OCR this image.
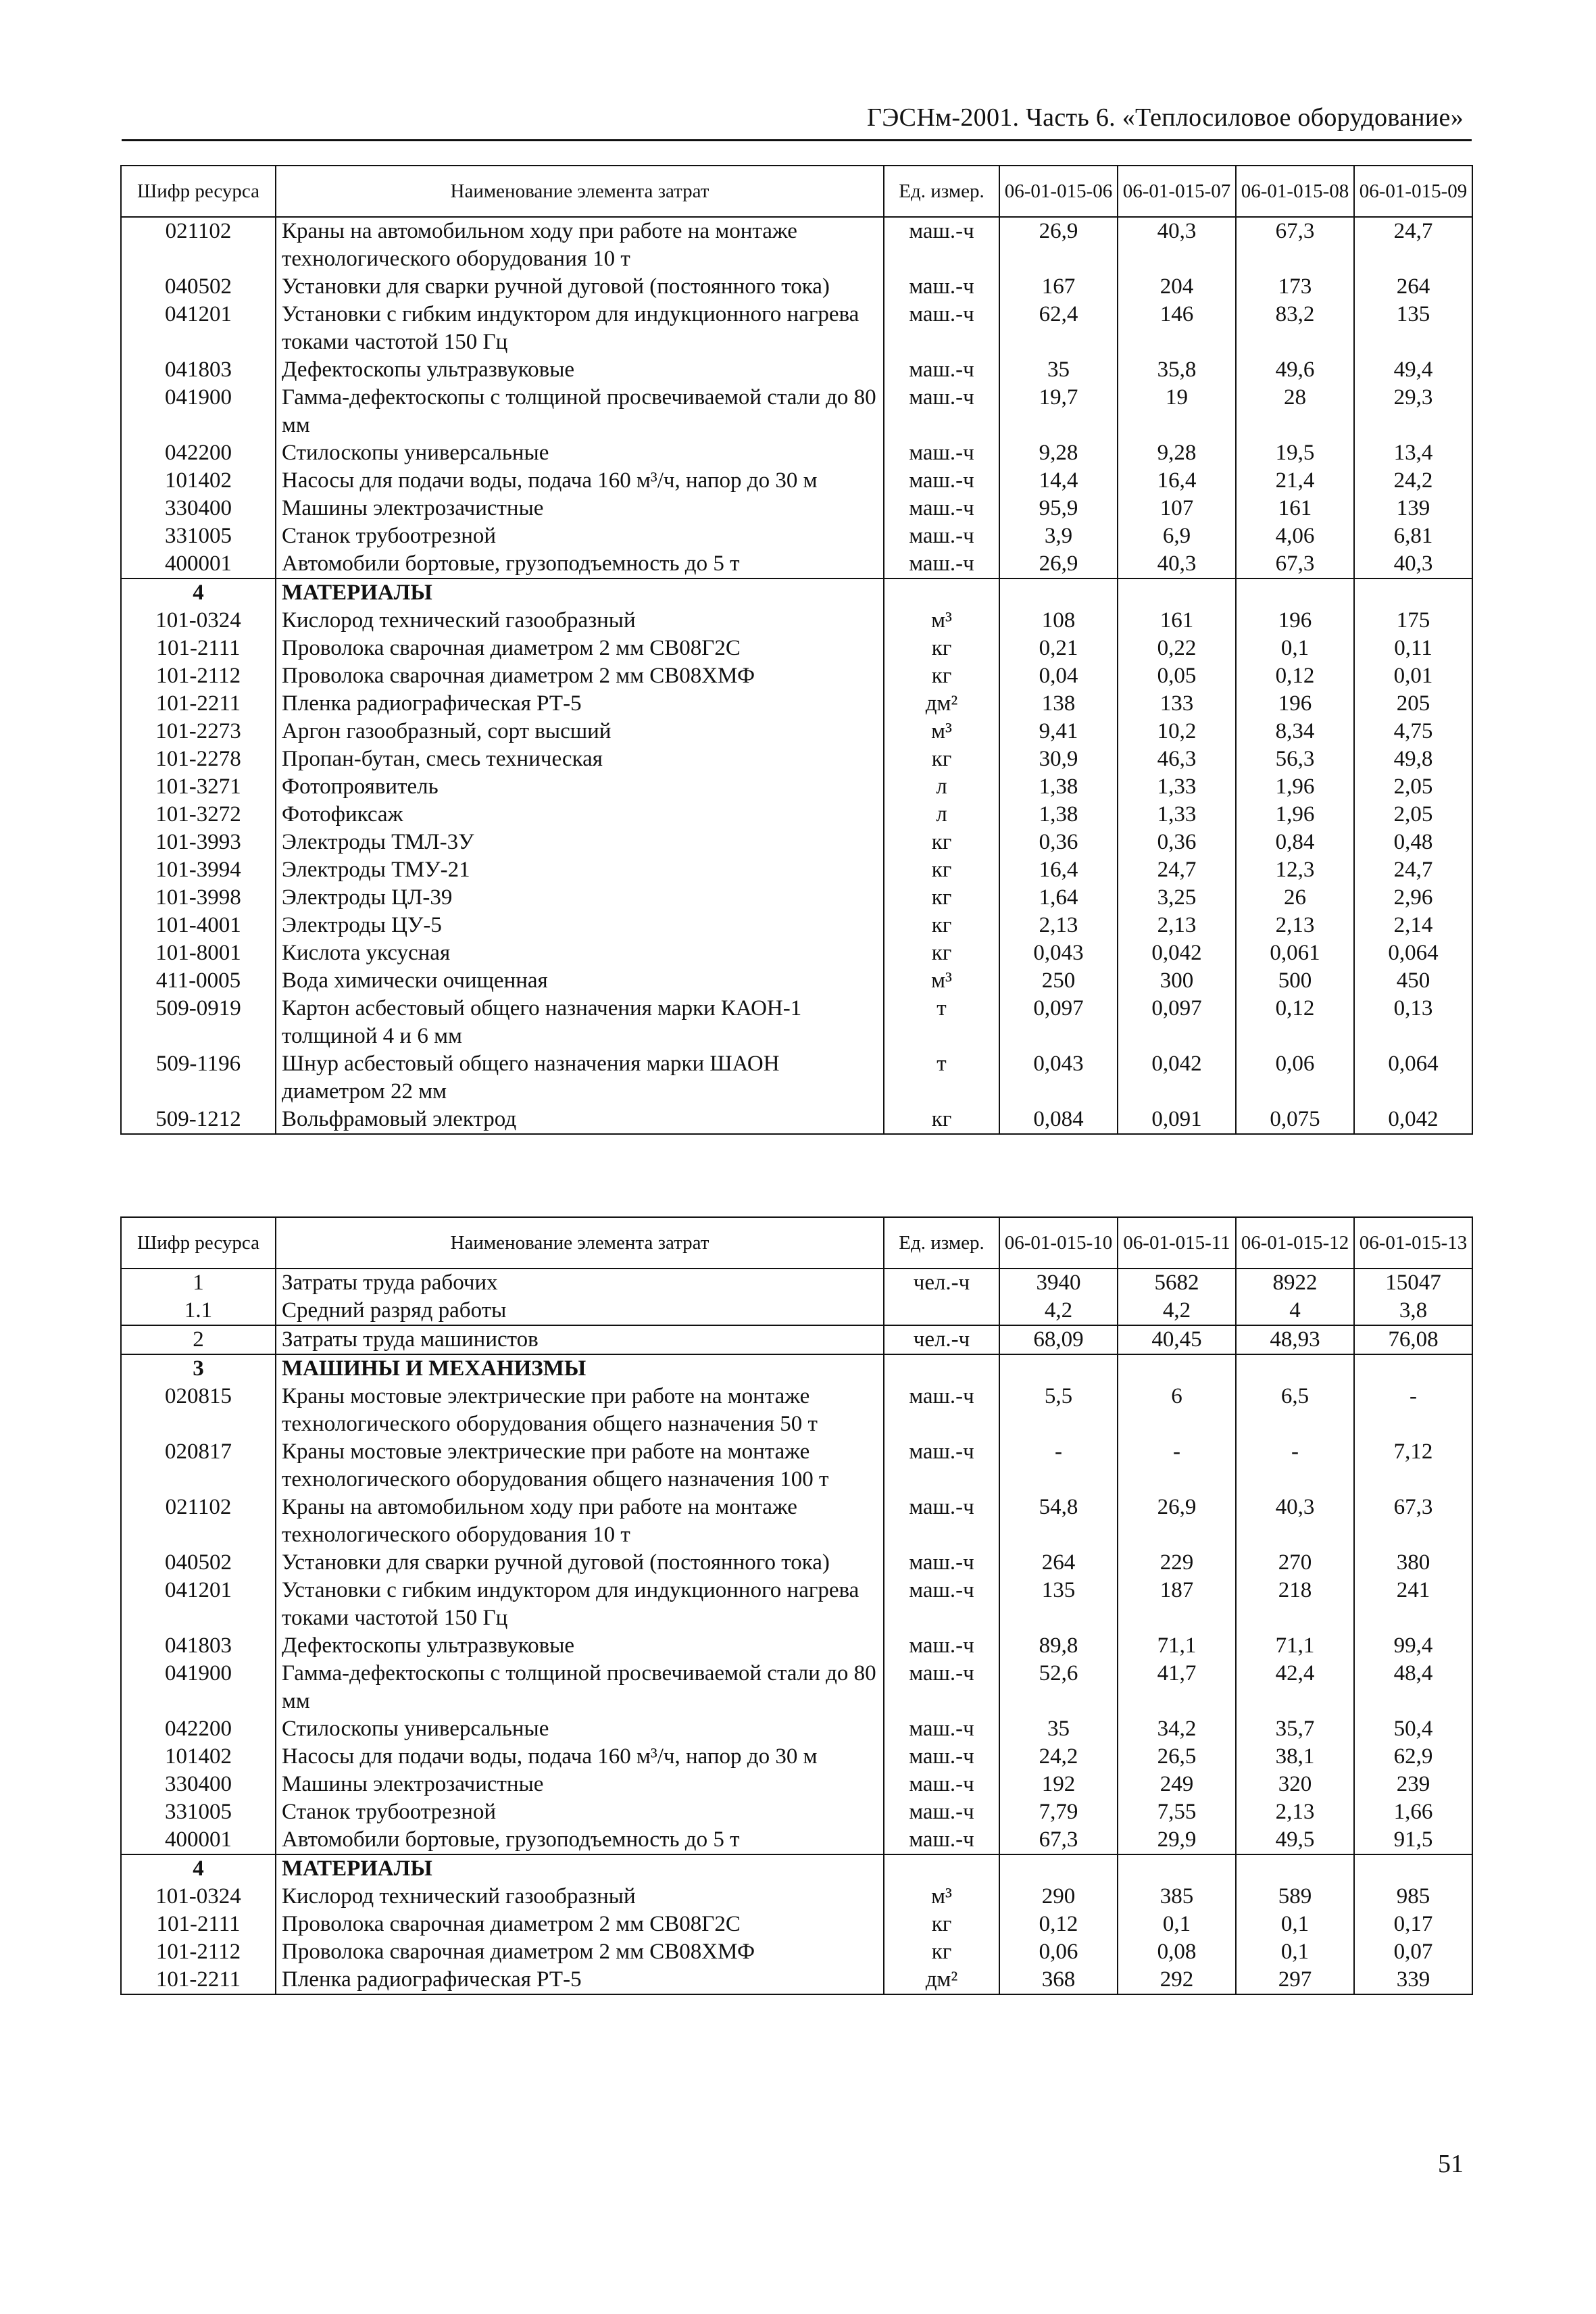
ГЭСНм-2001. Часть 6. «Теплосиловое оборудование»
Шифр ресурса	Наименование элемента затрат	Ед. измер.	06-01-015-06	06-01-015-07	06-01-015-08	06-01-015-09
021102	Краны на автомобильном ходу при работе на монтаже технологического оборудования 10 т	маш.-ч	26,9	40,3	67,3	24,7
040502	Установки для сварки ручной дуговой (постоянного тока)	маш.-ч	167	204	173	264
041201	Установки с гибким индуктором для индукционного нагрева токами частотой 150 Гц	маш.-ч	62,4	146	83,2	135
041803	Дефектоскопы ультразвуковые	маш.-ч	35	35,8	49,6	49,4
041900	Гамма-дефектоскопы с толщиной просвечиваемой стали до 80 мм	маш.-ч	19,7	19	28	29,3
042200	Стилоскопы универсальные	маш.-ч	9,28	9,28	19,5	13,4
101402	Насосы для подачи воды, подача 160 м³/ч, напор до 30 м	маш.-ч	14,4	16,4	21,4	24,2
330400	Машины электрозачистные	маш.-ч	95,9	107	161	139
331005	Станок трубоотрезной	маш.-ч	3,9	6,9	4,06	6,81
400001	Автомобили бортовые, грузоподъемность до 5 т	маш.-ч	26,9	40,3	67,3	40,3
4	МАТЕРИАЛЫ					
101-0324	Кислород технический газообразный	м³	108	161	196	175
101-2111	Проволока сварочная диаметром 2 мм СВ08Г2С	кг	0,21	0,22	0,1	0,11
101-2112	Проволока сварочная диаметром 2 мм СВ08ХМФ	кг	0,04	0,05	0,12	0,01
101-2211	Пленка радиографическая РТ-5	дм²	138	133	196	205
101-2273	Аргон газообразный, сорт высший	м³	9,41	10,2	8,34	4,75
101-2278	Пропан-бутан, смесь техническая	кг	30,9	46,3	56,3	49,8
101-3271	Фотопроявитель	л	1,38	1,33	1,96	2,05
101-3272	Фотофиксаж	л	1,38	1,33	1,96	2,05
101-3993	Электроды ТМЛ-3У	кг	0,36	0,36	0,84	0,48
101-3994	Электроды ТМУ-21	кг	16,4	24,7	12,3	24,7
101-3998	Электроды ЦЛ-39	кг	1,64	3,25	26	2,96
101-4001	Электроды ЦУ-5	кг	2,13	2,13	2,13	2,14
101-8001	Кислота уксусная	кг	0,043	0,042	0,061	0,064
411-0005	Вода химически очищенная	м³	250	300	500	450
509-0919	Картон асбестовый общего назначения марки КАОН-1 толщиной 4 и 6 мм	т	0,097	0,097	0,12	0,13
509-1196	Шнур асбестовый общего назначения марки ШАОН диаметром 22 мм	т	0,043	0,042	0,06	0,064
509-1212	Вольфрамовый электрод	кг	0,084	0,091	0,075	0,042
Шифр ресурса	Наименование элемента затрат	Ед. измер.	06-01-015-10	06-01-015-11	06-01-015-12	06-01-015-13
1	Затраты труда рабочих	чел.-ч	3940	5682	8922	15047
1.1	Средний разряд работы		4,2	4,2	4	3,8
2	Затраты труда машинистов	чел.-ч	68,09	40,45	48,93	76,08
3	МАШИНЫ И МЕХАНИЗМЫ					
020815	Краны мостовые электрические при работе на монтаже технологического оборудования общего назначения 50 т	маш.-ч	5,5	6	6,5	-
020817	Краны мостовые электрические при работе на монтаже технологического оборудования общего назначения 100 т	маш.-ч	-	-	-	7,12
021102	Краны на автомобильном ходу при работе на монтаже технологического оборудования 10 т	маш.-ч	54,8	26,9	40,3	67,3
040502	Установки для сварки ручной дуговой (постоянного тока)	маш.-ч	264	229	270	380
041201	Установки с гибким индуктором для индукционного нагрева токами частотой 150 Гц	маш.-ч	135	187	218	241
041803	Дефектоскопы ультразвуковые	маш.-ч	89,8	71,1	71,1	99,4
041900	Гамма-дефектоскопы с толщиной просвечиваемой стали до 80 мм	маш.-ч	52,6	41,7	42,4	48,4
042200	Стилоскопы универсальные	маш.-ч	35	34,2	35,7	50,4
101402	Насосы для подачи воды, подача 160 м³/ч, напор до 30 м	маш.-ч	24,2	26,5	38,1	62,9
330400	Машины электрозачистные	маш.-ч	192	249	320	239
331005	Станок трубоотрезной	маш.-ч	7,79	7,55	2,13	1,66
400001	Автомобили бортовые, грузоподъемность до 5 т	маш.-ч	67,3	29,9	49,5	91,5
4	МАТЕРИАЛЫ					
101-0324	Кислород технический газообразный	м³	290	385	589	985
101-2111	Проволока сварочная диаметром 2 мм СВ08Г2С	кг	0,12	0,1	0,1	0,17
101-2112	Проволока сварочная диаметром 2 мм СВ08ХМФ	кг	0,06	0,08	0,1	0,07
101-2211	Пленка радиографическая РТ-5	дм²	368	292	297	339
51
